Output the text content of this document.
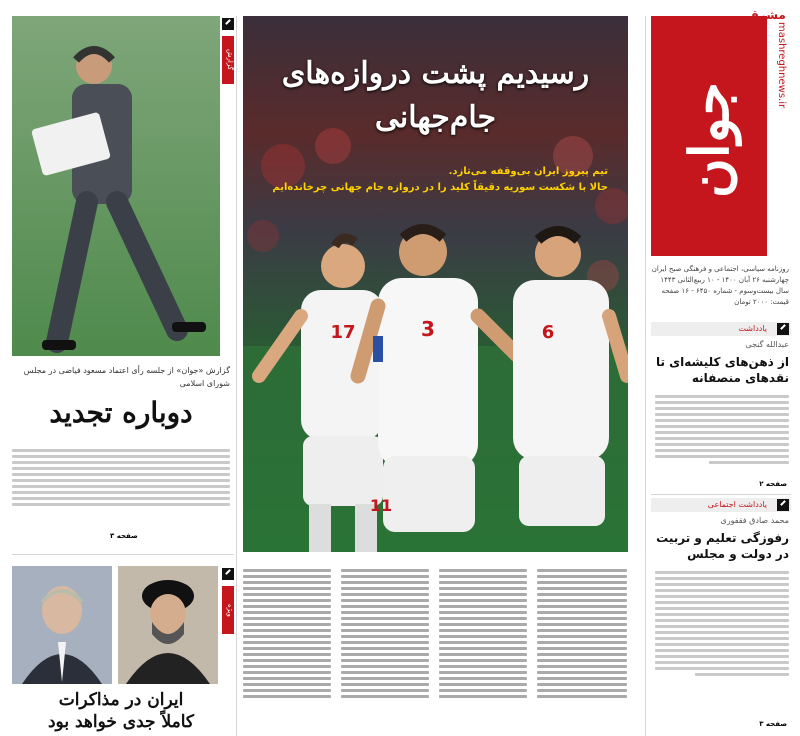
جوان
مشرق
mashreghnews.ir
روزنامه سیاسی، اجتماعی و فرهنگی صبح ایران
چهارشنبه ۲۶ آبان ۱۴۰۰ - ۱۰ ربیع‌الثانی ۱۴۴۳
سال بیست‌وسوم - شماره ۶۴۵۰ - ۱۶ صفحه
قیمت: ۲۰۰۰ تومان
یادداشت
عبدالله گنجی
از ذهن‌های کلیشه‌ای تا نقدهای منصفانه
صفحه ۲
یادداشت اجتماعی
محمد صادق فقفوری
رفوزگی تعلیم و تربیت در دولت و مجلس
صفحه ۳
17	3	6
11
رسیدیم پشت دروازه‌های جام‌جهانی
تیم پیروز ایران بی‌وقفه می‌تازد.
حالا با شکست سوریه دقیقاً کلید را در دروازه جام جهانی چرخانده‌ایم
گزارش
گزارش «جوان» از جلسه رأی اعتماد مسعود فیاضی در مجلس شورای اسلامی
دوباره تجدید
صفحه ۳
ویژه
ایران در مذاکرات
کاملاً جدی خواهد بود
